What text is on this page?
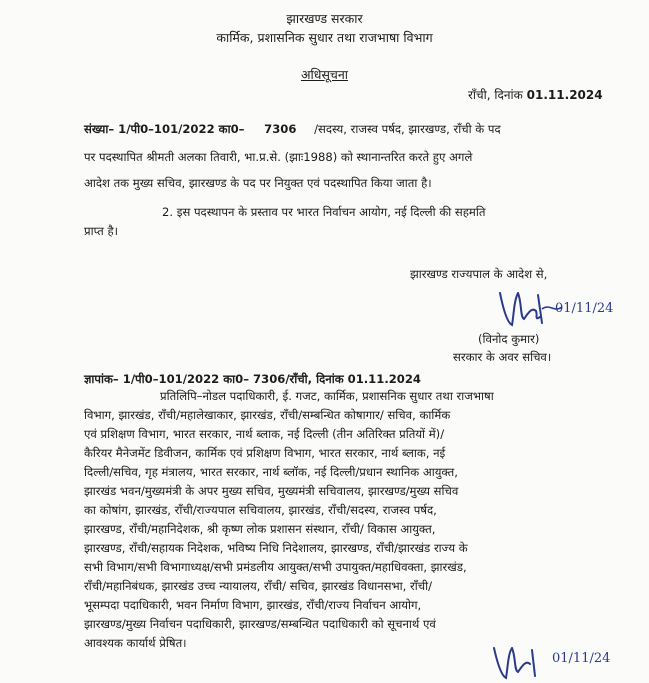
झारखण्ड सरकार
कार्मिक, प्रशासनिक सुधार तथा राजभाषा विभाग
अधिसूचना
राँची, दिनांक 01.11.2024
संख्या– 1/पी0–101/2022 का0– 7306 /सदस्य, राजस्व पर्षद, झारखण्ड, राँची के पद
पर पदस्थापित श्रीमती अलका तिवारी, भा.प्र.से. (झाः1988) को स्थानान्तरित करते हुए अगले
आदेश तक मुख्य सचिव, झारखण्ड के पद पर नियुक्त एवं पदस्थापित किया जाता है।
2. इस पदस्थापन के प्रस्ताव पर भारत निर्वाचन आयोग, नई दिल्ली की सहमति
प्राप्त है।
झारखण्ड राज्यपाल के आदेश से,
01/11/24
(विनोद कुमार)
सरकार के अवर सचिव।
ज्ञापांक– 1/पी0–101/2022 का0– 7306/राँची, दिनांक 01.11.2024
प्रतिलिपि–नोडल पदाधिकारी, ई. गजट, कार्मिक, प्रशासनिक सुधार तथा राजभाषा
विभाग, झारखंड, राँची/महालेखाकार, झारखंड, राँची/सम्बन्धित कोषागार/ सचिव, कार्मिक
एवं प्रशिक्षण विभाग, भारत सरकार, नार्थ ब्लाक, नई दिल्ली (तीन अतिरिक्त प्रतियों में)/
कैरियर मैनेजमेंट डिवीजन, कार्मिक एवं प्रशिक्षण विभाग, भारत सरकार, नार्थ ब्लाक, नई
दिल्ली/सचिव, गृह मंत्रालय, भारत सरकार, नार्थ ब्लॉक, नई दिल्ली/प्रधान स्थानिक आयुक्त,
झारखंड भवन/मुख्यमंत्री के अपर मुख्य सचिव, मुख्यमंत्री सचिवालय, झारखण्ड/मुख्य सचिव
का कोषांग, झारखंड, राँची/राज्यपाल सचिवालय, झारखंड, राँची/सदस्य, राजस्व पर्षद,
झारखण्ड, राँची/महानिदेशक, श्री कृष्ण लोक प्रशासन संस्थान, राँची/ विकास आयुक्त,
झारखण्ड, राँची/सहायक निदेशक, भविष्य निधि निदेशालय, झारखण्ड, राँची/झारखंड राज्य के
सभी विभाग/सभी विभागाध्यक्ष/सभी प्रमंडलीय आयुक्त/सभी उपायुक्त/महाधिवक्ता, झारखंड,
राँची/महानिबंधक, झारखंड उच्च न्यायालय, राँची/ सचिव, झारखंड विधानसभा, राँची/
भूसम्पदा पदाधिकारी, भवन निर्माण विभाग, झारखंड, राँची/राज्य निर्वाचन आयोग,
झारखण्ड/मुख्य निर्वाचन पदाधिकारी, झारखण्ड/सम्बन्धित पदाधिकारी को सूचनार्थ एवं
आवश्यक कार्यार्थ प्रेषित।
01/11/24
